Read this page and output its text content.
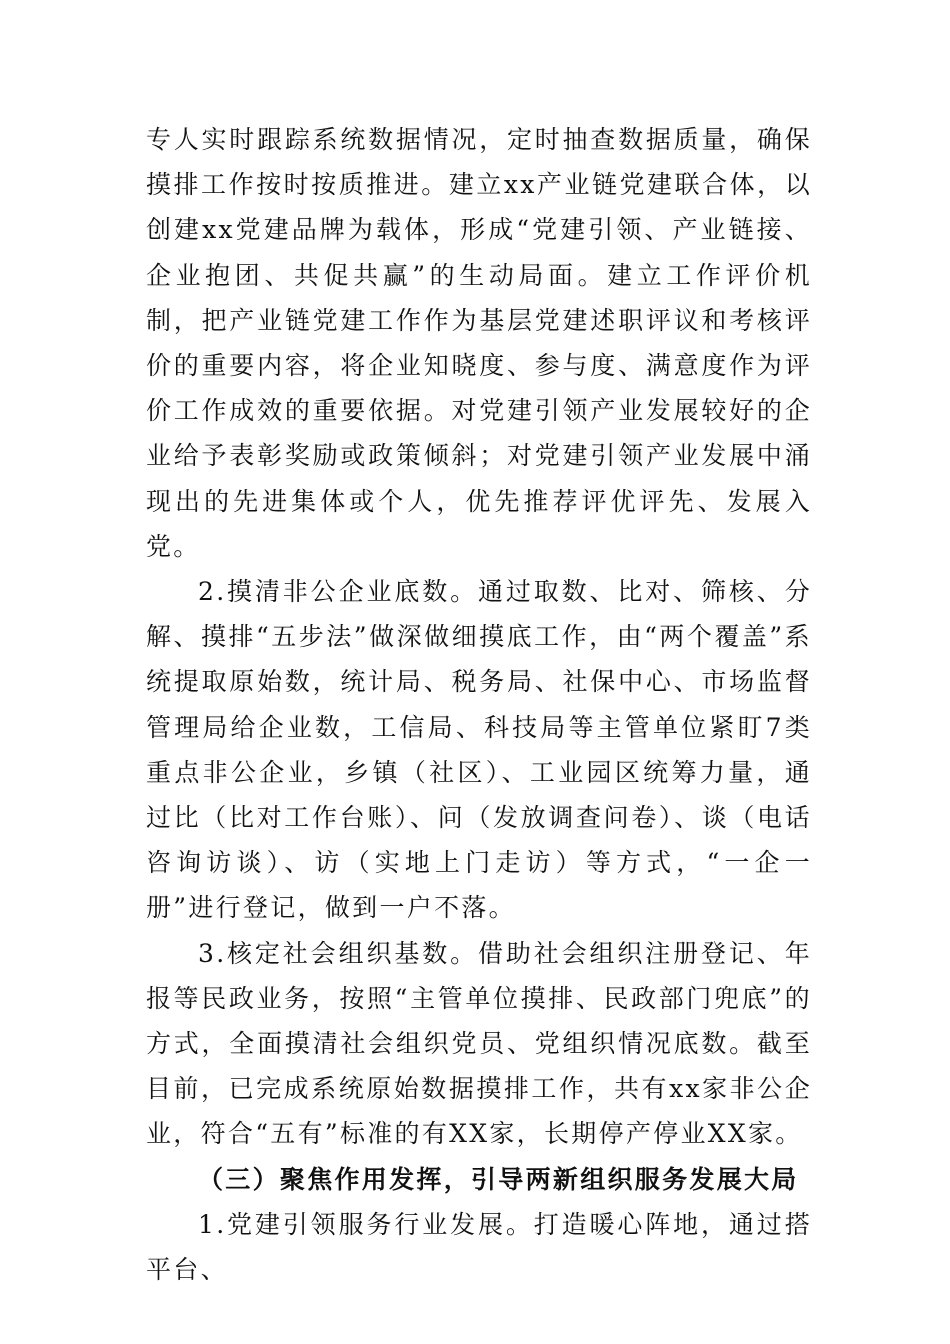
专人实时跟踪系统数据情况，定时抽查数据质量，确保摸排工作按时按质推进。建立xx产业链党建联合体，以创建xx党建品牌为载体，形成“党建引领、产业链接、企业抱团、共促共赢”的生动局面。建立工作评价机制，把产业链党建工作作为基层党建述职评议和考核评价的重要内容，将企业知晓度、参与度、满意度作为评价工作成效的重要依据。对党建引领产业发展较好的企业给予表彰奖励或政策倾斜；对党建引领产业发展中涌现出的先进集体或个人，优先推荐评优评先、发展入党。

2.摸清非公企业底数。通过取数、比对、筛核、分解、摸排“五步法”做深做细摸底工作，由“两个覆盖”系统提取原始数，统计局、税务局、社保中心、市场监督管理局给企业数，工信局、科技局等主管单位紧盯7类重点非公企业，乡镇（社区）、工业园区统筹力量，通过比（比对工作台账）、问（发放调查问卷）、谈（电话咨询访谈）、访（实地上门走访）等方式，“一企一册”进行登记，做到一户不落。

3.核定社会组织基数。借助社会组织注册登记、年报等民政业务，按照“主管单位摸排、民政部门兜底”的方式，全面摸清社会组织党员、党组织情况底数。截至目前，已完成系统原始数据摸排工作，共有xx家非公企业，符合“五有”标准的有XX家，长期停产停业XX家。

（三）聚焦作用发挥，引导两新组织服务发展大局

1.党建引领服务行业发展。打造暖心阵地，通过搭平台、
